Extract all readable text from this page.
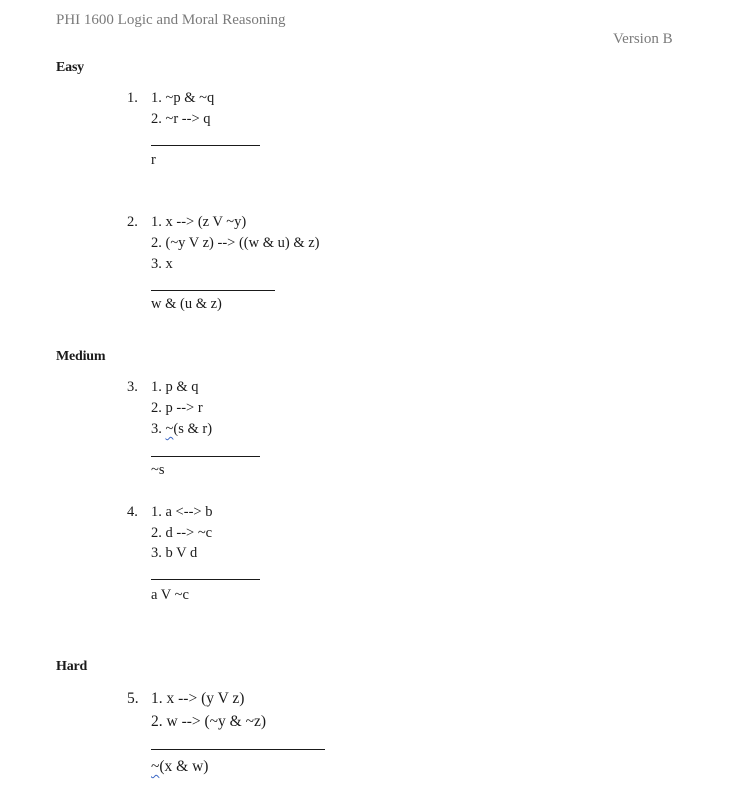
PHI 1600 Logic and Moral Reasoning
Version B
Easy
1. 1. ~p & ~q
2. ~r --> q
r
2. 1. x --> (z V ~y)
2. (~y V z) --> ((w & u) & z)
3. x
w & (u & z)
Medium
3. 1. p & q
2. p --> r
3. ~(s & r)
~s
4. 1. a <--> b
2. d --> ~c
3. b V d
a V ~c
Hard
5. 1. x --> (y V z)
2. w --> (~y & ~z)
~(x & w)
